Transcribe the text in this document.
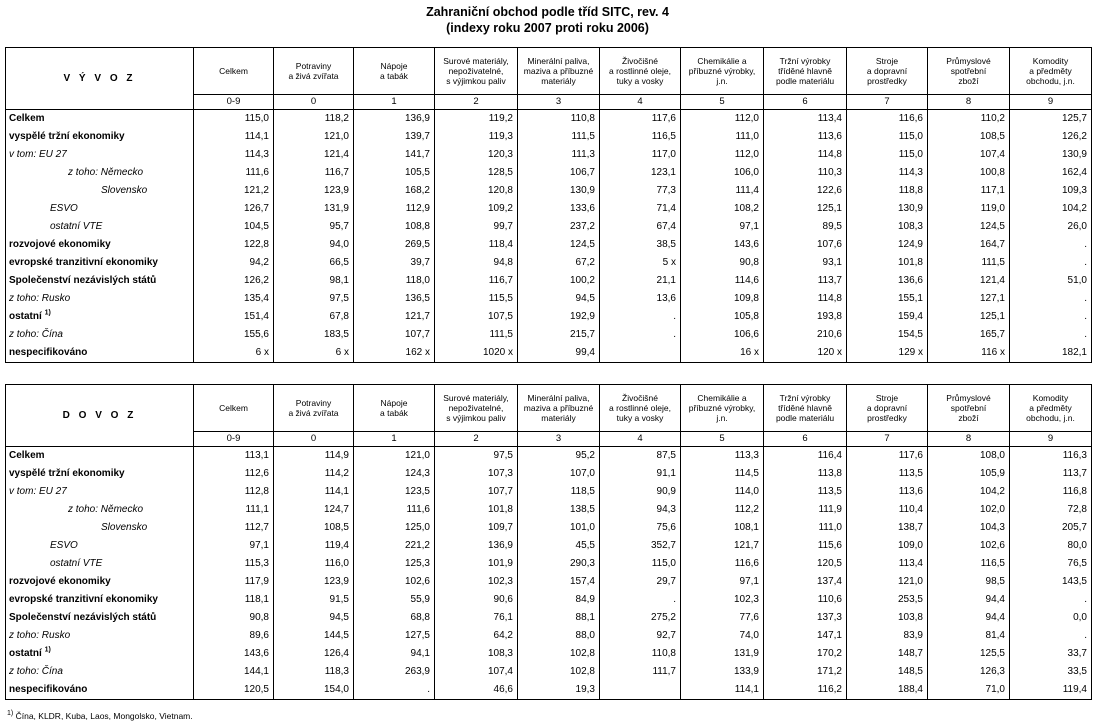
Zahraniční obchod podle tříd SITC, rev. 4
(indexy roku 2007 proti roku 2006)
V Ý V O Z	Celkem	Potraviny
a živá zvířata	Nápoje
a tabák	Surové materiály,
nepoživatelné,
s výjimkou paliv	Minerální paliva,
maziva a příbuzné
materiály	Živočišné
a rostlinné oleje,
tuky a vosky	Chemikálie a
příbuzné výrobky,
j.n.	Tržní výrobky
tříděné hlavně
podle materiálu	Stroje
a dopravní
prostředky	Průmyslové
spotřební
zboží	Komodity
a předměty
obchodu, j.n.
	0-9	0	1	2	3	4	5	6	7	8	9
Celkem	115,0	118,2	136,9	119,2	110,8	117,6	112,0	113,4	116,6	110,2	125,7
vyspělé tržní ekonomiky	114,1	121,0	139,7	119,3	111,5	116,5	111,0	113,6	115,0	108,5	126,2
v tom: EU 27	114,3	121,4	141,7	120,3	111,3	117,0	112,0	114,8	115,0	107,4	130,9
z toho: Německo	111,6	116,7	105,5	128,5	106,7	123,1	106,0	110,3	114,3	100,8	162,4
Slovensko	121,2	123,9	168,2	120,8	130,9	77,3	111,4	122,6	118,8	117,1	109,3
ESVO	126,7	131,9	112,9	109,2	133,6	71,4	108,2	125,1	130,9	119,0	104,2
ostatní VTE	104,5	95,7	108,8	99,7	237,2	67,4	97,1	89,5	108,3	124,5	26,0
rozvojové ekonomiky	122,8	94,0	269,5	118,4	124,5	38,5	143,6	107,6	124,9	164,7	.
evropské tranzitivní ekonomiky	94,2	66,5	39,7	94,8	67,2	5 x	90,8	93,1	101,8	111,5	.
Společenství nezávislých států	126,2	98,1	118,0	116,7	100,2	21,1	114,6	113,7	136,6	121,4	51,0
z toho: Rusko	135,4	97,5	136,5	115,5	94,5	13,6	109,8	114,8	155,1	127,1	.
ostatní $^{1)}$	151,4	67,8	121,7	107,5	192,9	.	105,8	193,8	159,4	125,1	.
z toho: Čína	155,6	183,5	107,7	111,5	215,7	.	106,6	210,6	154,5	165,7	.
nespecifikováno	6 x	6 x	162 x	1020 x	99,4		16 x	120 x	129 x	116 x	182,1
D O V O Z	Celkem	Potraviny
a živá zvířata	Nápoje
a tabák	Surové materiály,
nepoživatelné,
s výjimkou paliv	Minerální paliva,
maziva a příbuzné
materiály	Živočišné
a rostlinné oleje,
tuky a vosky	Chemikálie a
příbuzné výrobky,
j.n.	Tržní výrobky
tříděné hlavně
podle materiálu	Stroje
a dopravní
prostředky	Průmyslové
spotřební
zboží	Komodity
a předměty
obchodu, j.n.
	0-9	0	1	2	3	4	5	6	7	8	9
Celkem	113,1	114,9	121,0	97,5	95,2	87,5	113,3	116,4	117,6	108,0	116,3
vyspělé tržní ekonomiky	112,6	114,2	124,3	107,3	107,0	91,1	114,5	113,8	113,5	105,9	113,7
v tom: EU 27	112,8	114,1	123,5	107,7	118,5	90,9	114,0	113,5	113,6	104,2	116,8
z toho: Německo	111,1	124,7	111,6	101,8	138,5	94,3	112,2	111,9	110,4	102,0	72,8
Slovensko	112,7	108,5	125,0	109,7	101,0	75,6	108,1	111,0	138,7	104,3	205,7
ESVO	97,1	119,4	221,2	136,9	45,5	352,7	121,7	115,6	109,0	102,6	80,0
ostatní VTE	115,3	116,0	125,3	101,9	290,3	115,0	116,6	120,5	113,4	116,5	76,5
rozvojové ekonomiky	117,9	123,9	102,6	102,3	157,4	29,7	97,1	137,4	121,0	98,5	143,5
evropské tranzitivní ekonomiky	118,1	91,5	55,9	90,6	84,9	.	102,3	110,6	253,5	94,4	.
Společenství nezávislých států	90,8	94,5	68,8	76,1	88,1	275,2	77,6	137,3	103,8	94,4	0,0
z toho: Rusko	89,6	144,5	127,5	64,2	88,0	92,7	74,0	147,1	83,9	81,4	.
ostatní $^{1)}$	143,6	126,4	94,1	108,3	102,8	110,8	131,9	170,2	148,7	125,5	33,7
z toho: Čína	144,1	118,3	263,9	107,4	102,8	111,7	133,9	171,2	148,5	126,3	33,5
nespecifikováno	120,5	154,0	.	46,6	19,3		114,1	116,2	188,4	71,0	119,4
$^{1)}$ Čína, KLDR, Kuba, Laos, Mongolsko, Vietnam.
